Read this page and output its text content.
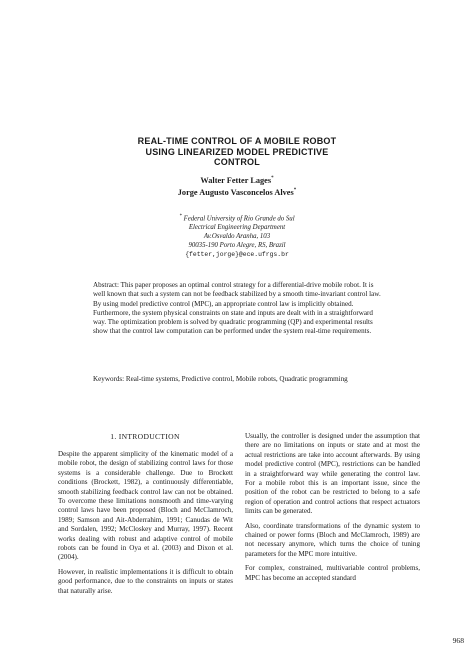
REAL-TIME CONTROL OF A MOBILE ROBOT
USING LINEARIZED MODEL PREDICTIVE
CONTROL
Walter Fetter Lages*
Jorge Augusto Vasconcelos Alves*
* Federal University of Rio Grande do Sul
Electrical Engineering Department
Av.Osvaldo Aranha, 103
90035-190 Porto Alegre, RS, Brazil
{fetter,jorge}@ece.ufrgs.br
Abstract: This paper proposes an optimal control strategy for a differential-drive mobile robot. It is well known that such a system can not be feedback stabilized by a smooth time-invariant control law. By using model predictive control (MPC), an appropriate control law is implicitly obtained. Furthermore, the system physical constraints on state and inputs are dealt with in a straightforward way. The optimization problem is solved by quadratic programming (QP) and experimental results show that the control law computation can be performed under the system real-time requirements.
Keywords: Real-time systems, Predictive control, Mobile robots, Quadratic programming
1. INTRODUCTION

Despite the apparent simplicity of the kinematic model of a mobile robot, the design of stabilizing control laws for those systems is a considerable challenge. Due to Brockett conditions (Brockett, 1982), a continuously differentiable, smooth stabilizing feedback control law can not be obtained. To overcome these limitations nonsmooth and time-varying control laws have been proposed (Bloch and McClamroch, 1989; Samson and Ait-Abderrahim, 1991; Canudas de Wit and Sordalen, 1992; McCloskey and Murray, 1997). Recent works dealing with robust and adaptive control of mobile robots can be found in Oya et al. (2003) and Dixon et al. (2004).

However, in realistic implementations it is difficult to obtain good performance, due to the constraints on inputs or states that naturally arise.

Usually, the controller is designed under the assumption that there are no limitations on inputs or state and at most the actual restrictions are take into account afterwards. By using model predictive control (MPC), restrictions can be handled in a straightforward way while generating the control law. For a mobile robot this is an important issue, since the position of the robot can be restricted to belong to a safe region of operation and control actions that respect actuators limits can be generated.

Also, coordinate transformations of the dynamic system to chained or power forms (Bloch and McClamroch, 1989) are not necessary anymore, which turns the choice of tuning parameters for the MPC more intuitive.

For complex, constrained, multivariable control problems, MPC has become an accepted standard

968
